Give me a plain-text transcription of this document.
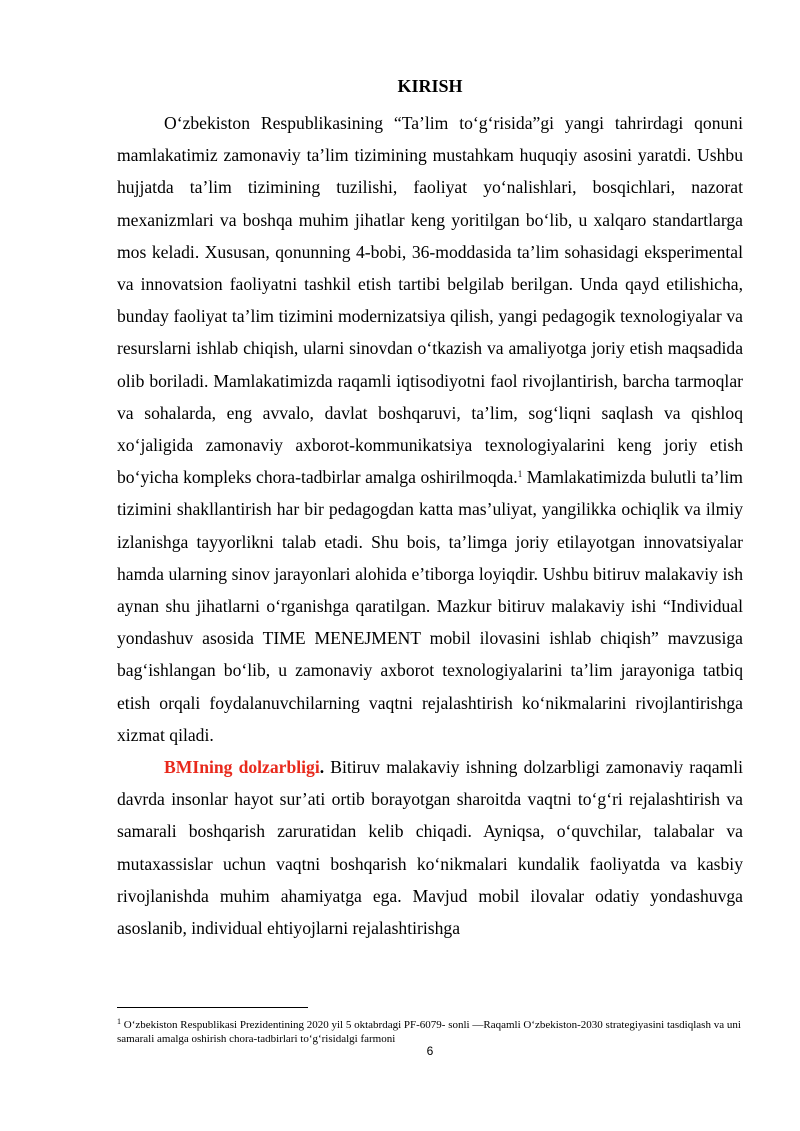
KIRISH

O‘zbekiston Respublikasining “Ta’lim to‘g‘risida”gi yangi tahrirdagi qonuni mamlakatimiz zamonaviy ta’lim tizimining mustahkam huquqiy asosini yaratdi. Ushbu hujjatda ta’lim tizimining tuzilishi, faoliyat yo‘nalishlari, bosqichlari, nazorat mexanizmlari va boshqa muhim jihatlar keng yoritilgan bo‘lib, u xalqaro standartlarga mos keladi. Xususan, qonunning 4-bobi, 36-moddasida ta’lim sohasidagi eksperimental va innovatsion faoliyatni tashkil etish tartibi belgilab berilgan. Unda qayd etilishicha, bunday faoliyat ta’lim tizimini modernizatsiya qilish, yangi pedagogik texnologiyalar va resurslarni ishlab chiqish, ularni sinovdan o‘tkazish va amaliyotga joriy etish maqsadida olib boriladi. Mamlakatimizda raqamli iqtisodiyotni faol rivojlantirish, barcha tarmoqlar va sohalarda, eng avvalo, davlat boshqaruvi, ta’lim, sog‘liqni saqlash va qishloq xo‘jaligida zamonaviy axborot-kommunikatsiya texnologiyalarini keng joriy etish bo‘yicha kompleks chora-tadbirlar amalga oshirilmoqda.$^1$ Mamlakatimizda bulutli ta’lim tizimini shakllantirish har bir pedagogdan katta mas’uliyat, yangilikka ochiqlik va ilmiy izlanishga tayyorlikni talab etadi. Shu bois, ta’limga joriy etilayotgan innovatsiyalar hamda ularning sinov jarayonlari alohida e’tiborga loyiqdir. Ushbu bitiruv malakaviy ish aynan shu jihatlarni o‘rganishga qaratilgan. Mazkur bitiruv malakaviy ishi “Individual yondashuv asosida TIME MENEJMENT mobil ilovasini ishlab chiqish” mavzusiga bag‘ishlangan bo‘lib, u zamonaviy axborot texnologiyalarini ta’lim jarayoniga tatbiq etish orqali foydalanuvchilarning vaqtni rejalashtirish ko‘nikmalarini rivojlantirishga xizmat qiladi.

BMIning dolzarbligi. Bitiruv malakaviy ishning dolzarbligi zamonaviy raqamli davrda insonlar hayot sur’ati ortib borayotgan sharoitda vaqtni to‘g‘ri rejalashtirish va samarali boshqarish zaruratidan kelib chiqadi. Ayniqsa, o‘quvchilar, talabalar va mutaxassislar uchun vaqtni boshqarish ko‘nikmalari kundalik faoliyatda va kasbiy rivojlanishda muhim ahamiyatga ega. Mavjud mobil ilovalar odatiy yondashuvga asoslanib, individual ehtiyojlarni rejalashtirishga

$^1$ O‘zbekiston Respublikasi Prezidentining 2020 yil 5 oktabrdagi PF-6079- sonli —Raqamli O‘zbekiston-2030 strategiyasini tasdiqlash va uni samarali amalga oshirish chora-tadbirlari to‘g‘risidalgi farmoni
6
